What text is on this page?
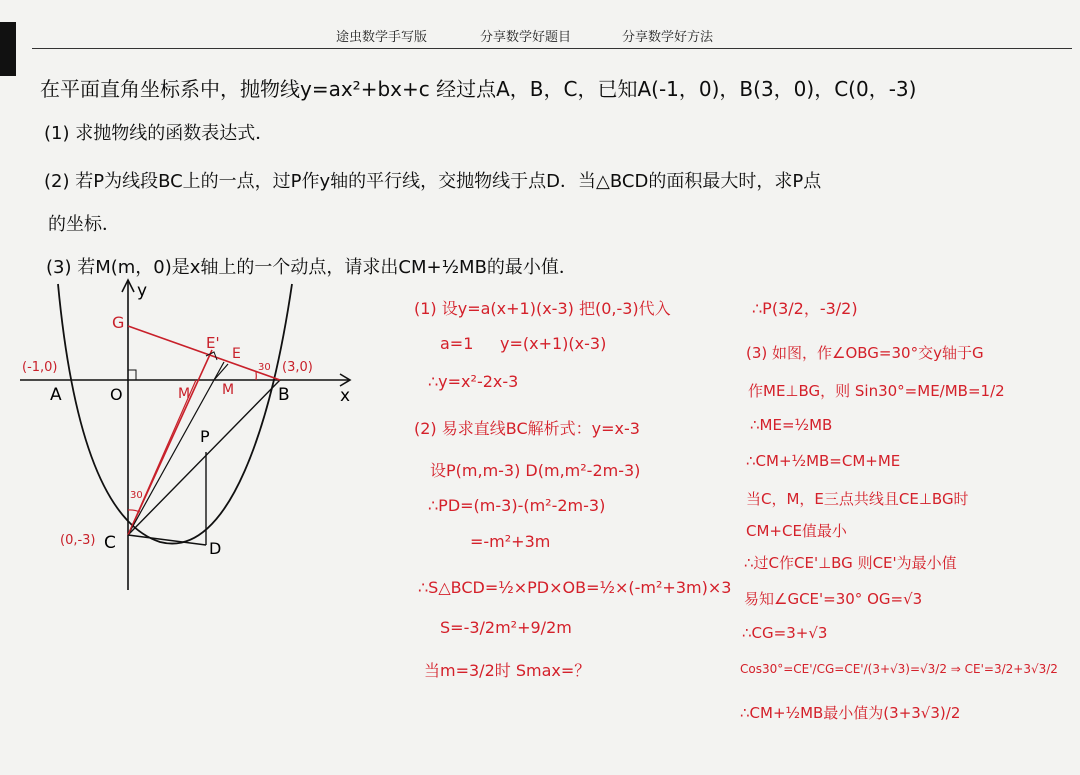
途虫数学手写版	分享数学好题目	分享数学好方法
在平面直角坐标系中，抛物线y=ax²+bx+c 经过点A，B，C，已知A(-1，0)，B(3，0)，C(0，-3)
(1) 求抛物线的函数表达式．
(2) 若P为线段BC上的一点，过P作y轴的平行线，交抛物线于点D．当△BCD的面积最大时，求P点
的坐标．
(3) 若M(m，0)是x轴上的一个动点，请求出CM+½MB的最小值．
(-1,0)
A	O
(3,0)
B
(0,-3) C	D
P
G
E'
E
M M	x
y
30
30
(1) 设y=a(x+1)(x-3) 把(0,-3)代入
a=1 y=(x+1)(x-3)
∴y=x²-2x-3
(2) 易求直线BC解析式：y=x-3
设P(m,m-3) D(m,m²-2m-3)
∴PD=(m-3)-(m²-2m-3)
=-m²+3m
∴S△BCD=½×PD×OB=½×(-m²+3m)×3
S=-3/2m²+9/2m
当m=3/2时 Smax=？
∴P(3/2，-3/2)
(3) 如图，作∠OBG=30°交y轴于G
作ME⊥BG，则 Sin30°=ME/MB=1/2
∴ME=½MB
∴CM+½MB=CM+ME
当C，M，E三点共线且CE⊥BG时
CM+CE值最小
∴过C作CE'⊥BG 则CE'为最小值
易知∠GCE'=30° OG=√3
∴CG=3+√3
Cos30°=CE'/CG=CE'/(3+√3)=√3/2 ⇒ CE'=3/2+3√3/2
∴CM+½MB最小值为(3+3√3)/2
